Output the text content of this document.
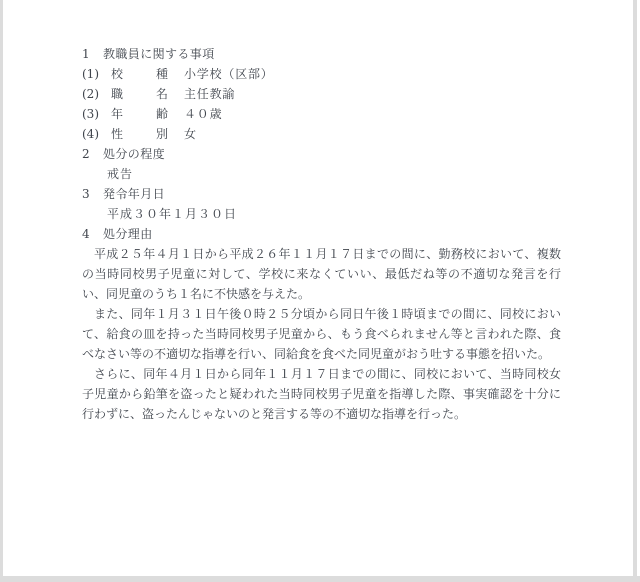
1	教職員に関する事項
(1)	校	種 小学校（区部）
(2)	職	名 主任教諭
(3)	年	齢 ４０歳
(4)	性	別 女
2	処分の程度
戒告
3	発令年月日
平成３０年１月３０日
4	処分理由

平成２５年４月１日から平成２６年１１月１７日までの間に、勤務校において、複数の当時同校男子児童に対して、学校に来なくていい、最低だね等の不適切な発言を行い、同児童のうち１名に不快感を与えた。

また、同年１月３１日午後０時２５分頃から同日午後１時頃までの間に、同校において、給食の皿を持った当時同校男子児童から、もう食べられません等と言われた際、食べなさい等の不適切な指導を行い、同給食を食べた同児童がおう吐する事態を招いた。

さらに、同年４月１日から同年１１月１７日までの間に、同校において、当時同校女子児童から鉛筆を盗ったと疑われた当時同校男子児童を指導した際、事実確認を十分に行わずに、盗ったんじゃないのと発言する等の不適切な指導を行った。
